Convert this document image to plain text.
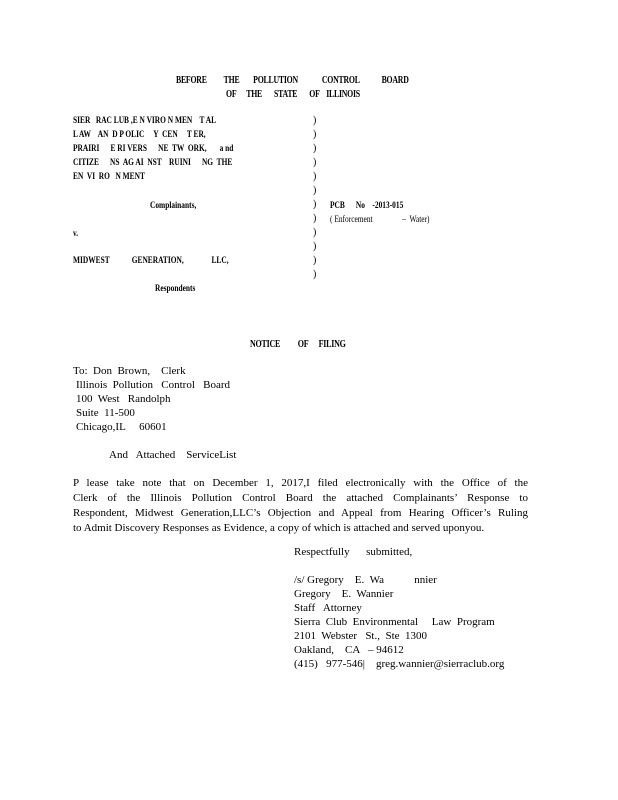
BEFORE          THE        POLLUTION              CONTROL             BOARD
OF      THE       STATE       OF    ILLINOIS
SIER   RAC LUB ,E N VIRO N MEN    T AL
L AW    AN  D P OLIC     Y  CEN     T ER,
PRAIRI      E RI VERS      NE  TW  ORK,       a nd
CITIZE      NS  AG AI  NST    RUINI      NG  THE
EN  VI  RO   N MENT
Complainants,
v.
MIDWEST            GENERATION,               LLC,
Respondents
)
)
)
)
)
)
)
)
)
)
)
)
PCB      No    -2013-015
( Enforcement                –  Water)
NOTICE          OF      FILING
To:  Don  Brown,    Clerk
Illinois  Pollution   Control   Board
100  West   Randolph
Suite  11-500
Chicago,IL     60601
And   Attached    ServiceList
P lease take note that on December 1, 2017,I filed electronically with the Office of the
Clerk of the Illinois Pollution Control Board the attached Complainants’ Response to
Respondent, Midwest Generation,LLC’s Objection and Appeal from Hearing Officer’s Ruling
to Admit Discovery Responses as Evidence, a copy of which is attached and served uponyou.
Respectfully      submitted,
/s/ Gregory    E.  Wa           nnier
Gregory    E.  Wannier
Staff   Attorney
Sierra  Club  Environmental     Law  Program
2101  Webster   St.,  Ste  1300
Oakland,    CA   – 94612
(415)   977-546|    greg.wannier@sierraclub.org
